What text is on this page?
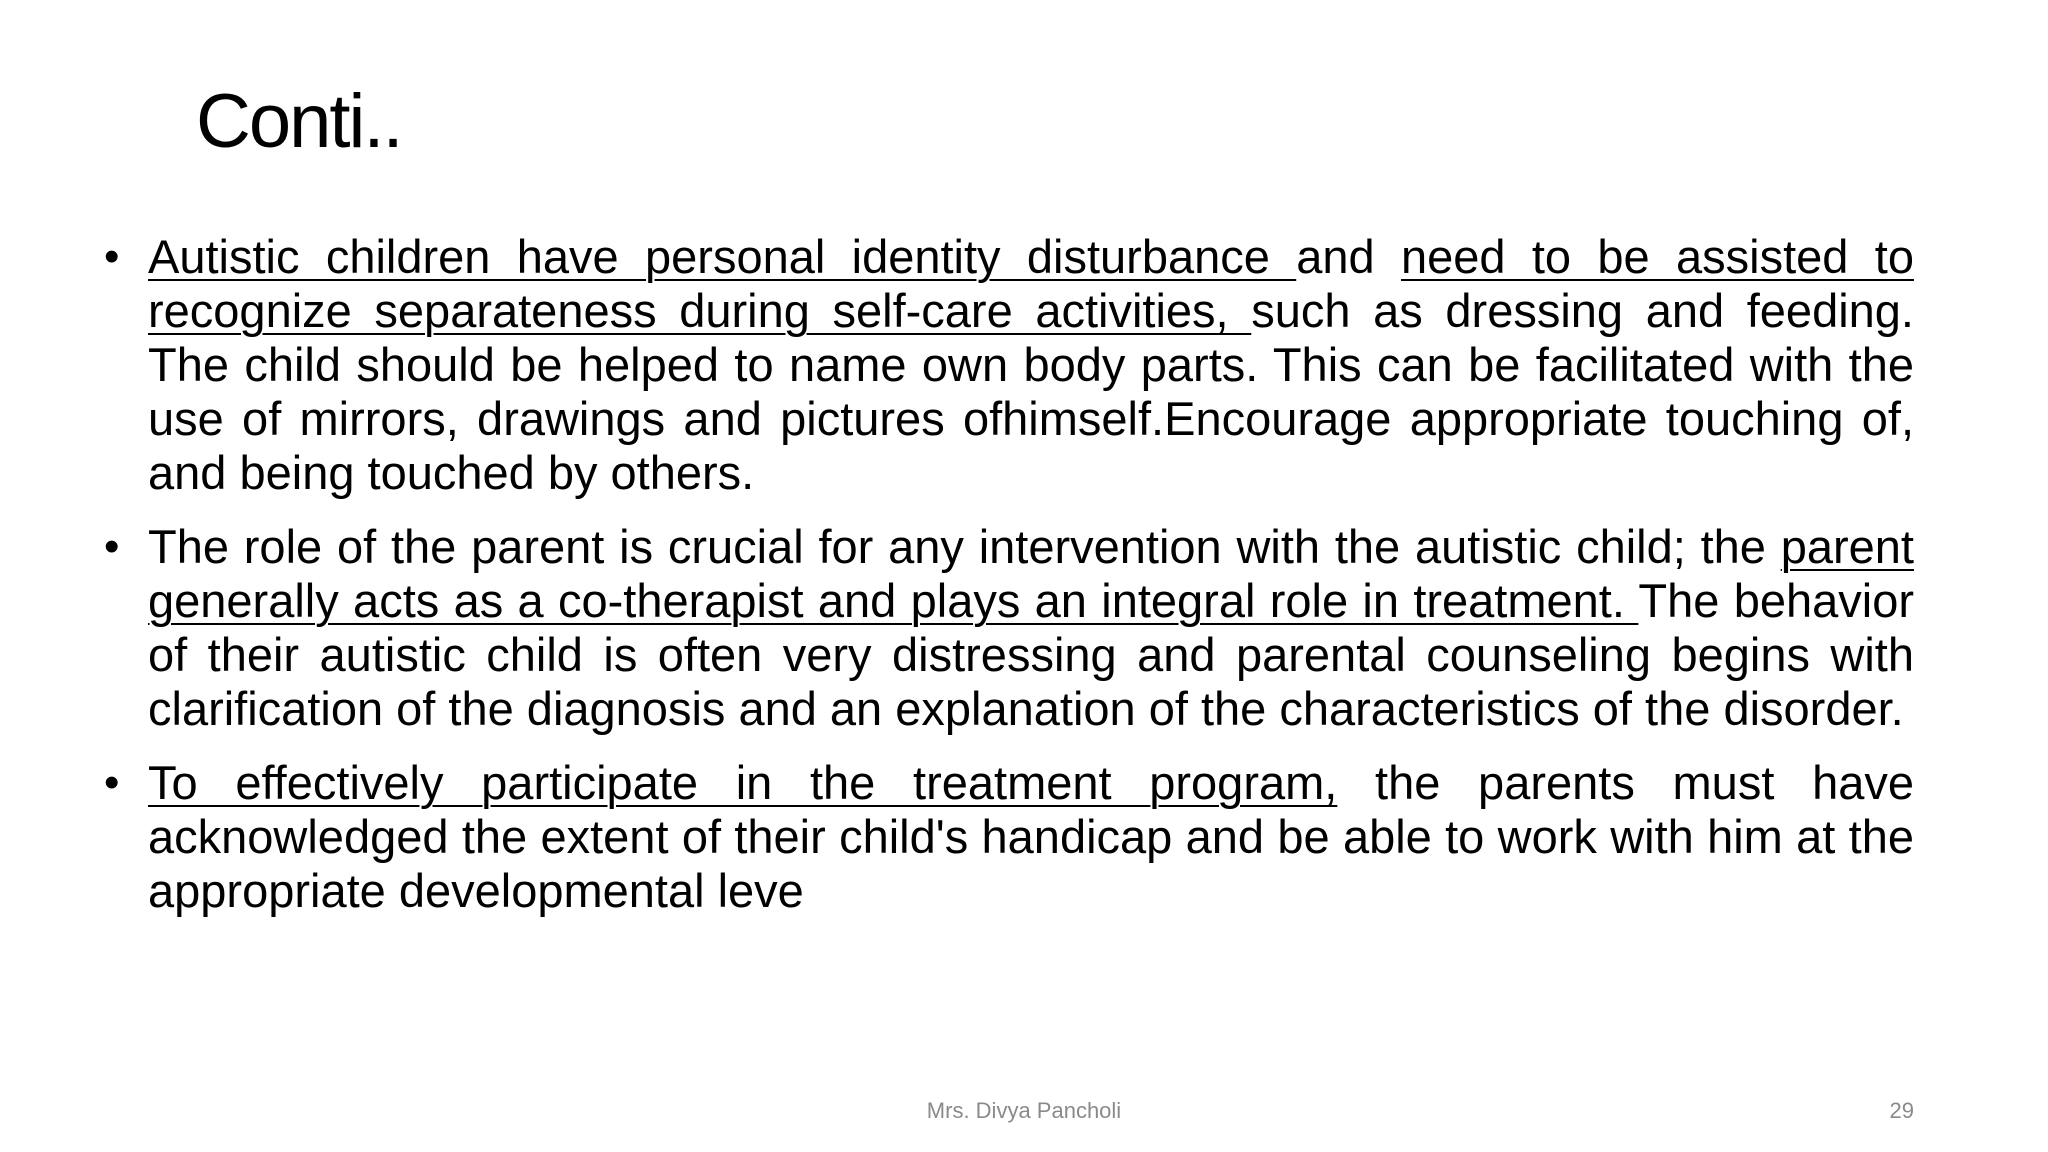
Conti..
• Autistic children have personal identity disturbance and need to be assisted to recognize separateness during self-care activities, such as dressing and feeding. The child should be helped to name own body parts. This can be facilitated with the use of mirrors, drawings and pictures ofhimself.Encourage appropriate touching of, and being touched by others.
• The role of the parent is crucial for any intervention with the autistic child; the parent generally acts as a co-therapist and plays an integral role in treatment. The behavior of their autistic child is often very distressing and parental counseling begins with clarification of the diagnosis and an explanation of the characteristics of the disorder.
• To effectively participate in the treatment program, the parents must have acknowledged the extent of their child's handicap and be able to work with him at the appropriate developmental leve
Mrs. Divya Pancholi	29
